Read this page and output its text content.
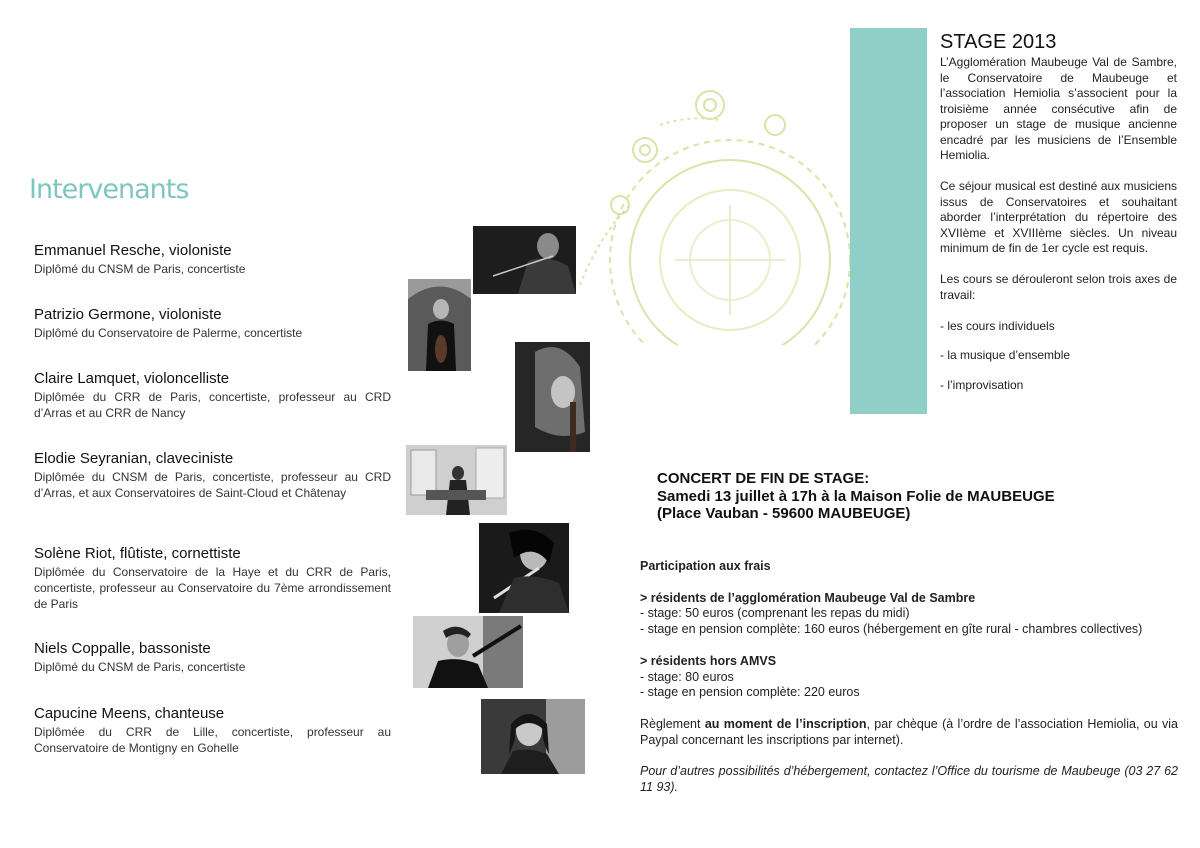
Intervenants
Emmanuel Resche, violoniste
Diplômé du CNSM de Paris, concertiste
Patrizio Germone, violoniste
Diplômé du Conservatoire de Palerme, concertiste
Claire Lamquet, violoncelliste
Diplômée du CRR de Paris, concertiste, professeur au CRD d’Arras et au CRR de Nancy
Elodie Seyranian, claveciniste
Diplômée du CNSM de Paris, concertiste, professeur au CRD d’Arras, et aux Conservatoires de Saint-Cloud et Châtenay
Solène Riot, flûtiste, cornettiste
Diplômée du Conservatoire de la Haye et du CRR de Paris, concertiste, professeur au Conservatoire du 7ème arrondissement de Paris
Niels Coppalle, bassoniste
Diplômé du CNSM de Paris, concertiste
Capucine Meens, chanteuse
Diplômée du CRR de Lille, concertiste, professeur au Conservatoire de Montigny en Gohelle
STAGE 2013

L’Agglomération Maubeuge Val de Sambre, le Conservatoire de Maubeuge et l’association Hemiolia s’associent pour la troisième année consécutive afin de proposer un stage de musique ancienne encadré par les musiciens de l’Ensemble Hemiolia.

Ce séjour musical est destiné aux musiciens issus de Conservatoires et souhaitant aborder l’interprétation du répertoire des XVIIème et XVIIIème siècles. Un niveau minimum de fin de 1er cycle est requis.

Les cours se dérouleront selon trois axes de travail:

- les cours individuels

- la musique d’ensemble

- l’improvisation

CONCERT DE FIN DE STAGE:
Samedi 13 juillet à 17h à la Maison Folie de MAUBEUGE
(Place Vauban - 59600 MAUBEUGE)
Participation aux frais
> résidents de l’agglomération Maubeuge Val de Sambre
- stage: 50 euros (comprenant les repas du midi)
- stage en pension complète: 160 euros (hébergement en gîte rural - chambres collectives)
> résidents hors AMVS
- stage: 80 euros
- stage en pension complète: 220 euros
Règlement au moment de l’inscription, par chèque (à l’ordre de l’association Hemiolia, ou via Paypal concernant les inscriptions par internet).
Pour d’autres possibilités d’hébergement, contactez l’Office du tourisme de Maubeuge (03 27 62 11 93).
